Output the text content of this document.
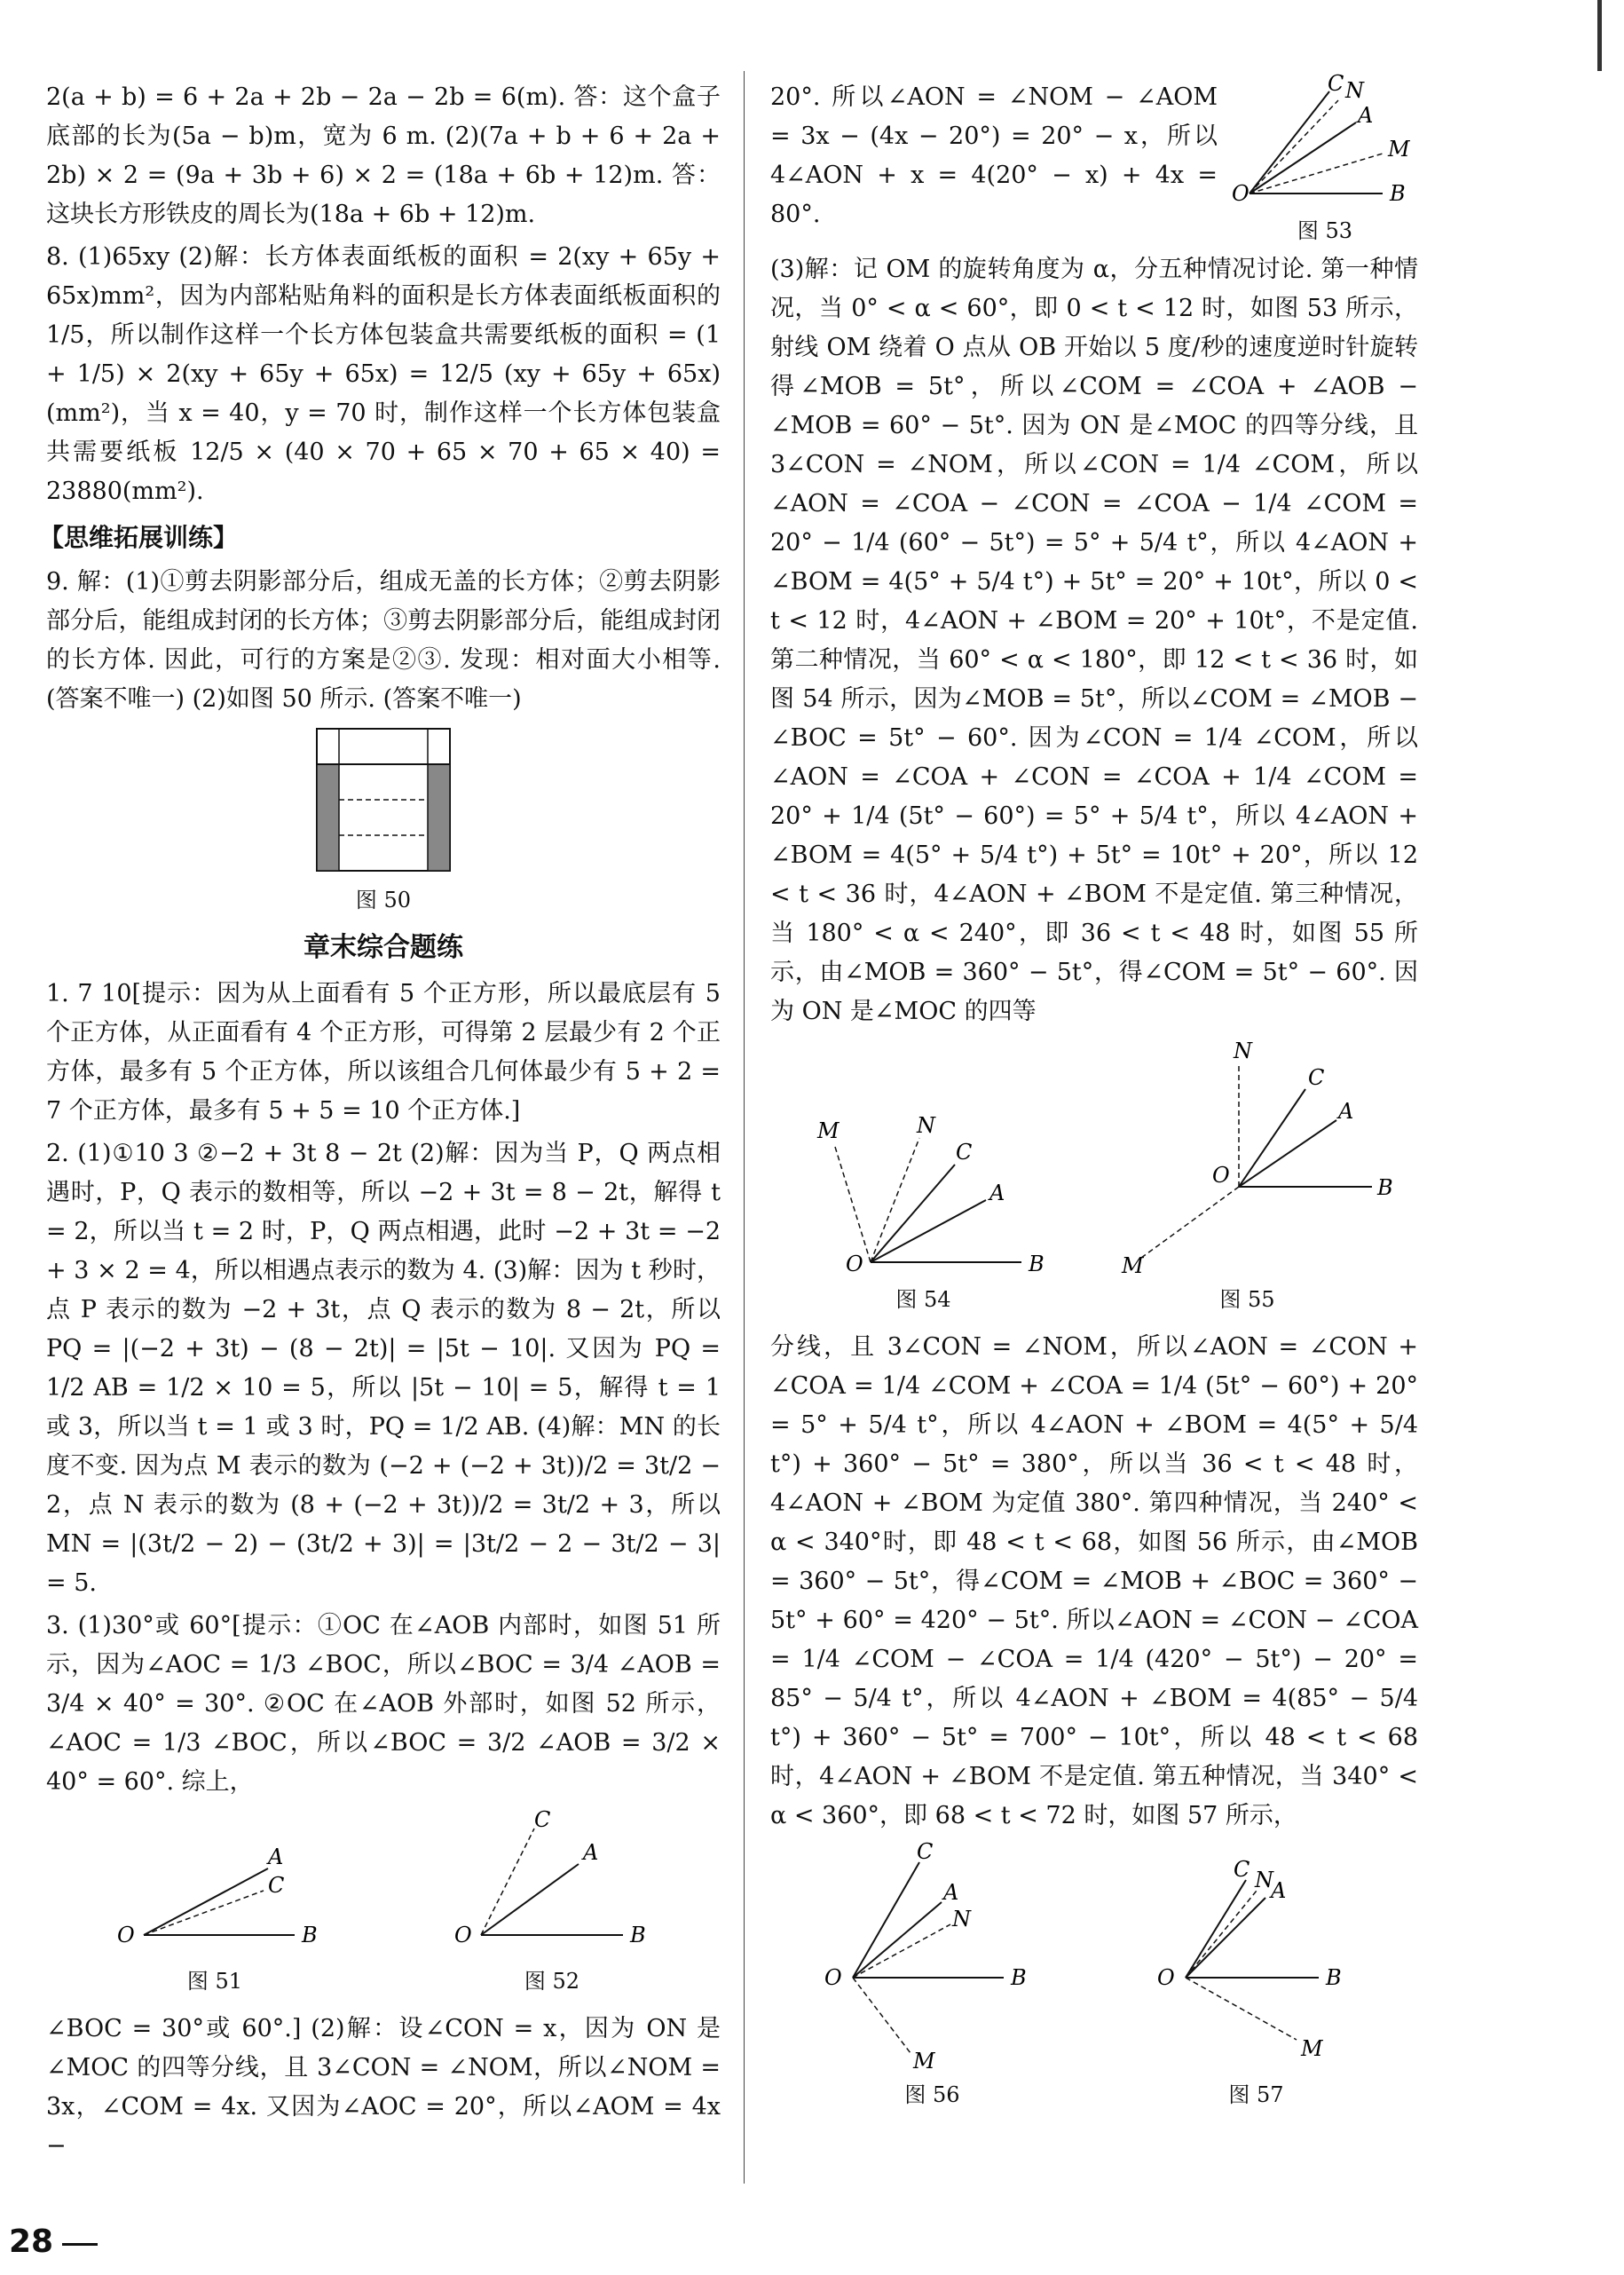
2(a + b) = 6 + 2a + 2b − 2a − 2b = 6(m). 答：这个盒子底部的长为(5a − b)m，宽为 6 m. (2)(7a + b + 6 + 2a + 2b) × 2 = (9a + 3b + 6) × 2 = (18a + 6b + 12)m. 答：这块长方形铁皮的周长为(18a + 6b + 12)m.

8. (1)65xy (2)解：长方体表面纸板的面积 = 2(xy + 65y + 65x)mm²，因为内部粘贴角料的面积是长方体表面纸板面积的 1/5，所以制作这样一个长方体包装盒共需要纸板的面积 = (1 + 1/5) × 2(xy + 65y + 65x) = 12/5 (xy + 65y + 65x)(mm²)，当 x = 40，y = 70 时，制作这样一个长方体包装盒共需要纸板 12/5 × (40 × 70 + 65 × 70 + 65 × 40) = 23880(mm²).

【思维拓展训练】

9. 解：(1)①剪去阴影部分后，组成无盖的长方体；②剪去阴影部分后，能组成封闭的长方体；③剪去阴影部分后，能组成封闭的长方体. 因此，可行的方案是②③. 发现：相对面大小相等. (答案不唯一) (2)如图 50 所示. (答案不唯一)

图 50

章末综合题练

1. 7 10[提示：因为从上面看有 5 个正方形，所以最底层有 5 个正方体，从正面看有 4 个正方形，可得第 2 层最少有 2 个正方体，最多有 5 个正方体，所以该组合几何体最少有 5 + 2 = 7 个正方体，最多有 5 + 5 = 10 个正方体.]

2. (1)①10 3 ②−2 + 3t 8 − 2t (2)解：因为当 P，Q 两点相遇时，P，Q 表示的数相等，所以 −2 + 3t = 8 − 2t，解得 t = 2，所以当 t = 2 时，P，Q 两点相遇，此时 −2 + 3t = −2 + 3 × 2 = 4，所以相遇点表示的数为 4. (3)解：因为 t 秒时，点 P 表示的数为 −2 + 3t，点 Q 表示的数为 8 − 2t，所以 PQ = |(−2 + 3t) − (8 − 2t)| = |5t − 10|. 又因为 PQ = 1/2 AB = 1/2 × 10 = 5，所以 |5t − 10| = 5，解得 t = 1 或 3，所以当 t = 1 或 3 时，PQ = 1/2 AB. (4)解：MN 的长度不变. 因为点 M 表示的数为 (−2 + (−2 + 3t))/2 = 3t/2 − 2，点 N 表示的数为 (8 + (−2 + 3t))/2 = 3t/2 + 3，所以 MN = |(3t/2 − 2) − (3t/2 + 3)| = |3t/2 − 2 − 3t/2 − 3| = 5.

3. (1)30°或 60°[提示：①OC 在∠AOB 内部时，如图 51 所示，因为∠AOC = 1/3 ∠BOC，所以∠BOC = 3/4 ∠AOB = 3/4 × 40° = 30°. ②OC 在∠AOB 外部时，如图 52 所示，∠AOC = 1/3 ∠BOC，所以∠BOC = 3/2 ∠AOB = 3/2 × 40° = 60°. 综上，

O	B
A
C

图 51

O	B
A
C

图 52

∠BOC = 30°或 60°.] (2)解：设∠CON = x，因为 ON 是∠MOC 的四等分线，且 3∠CON = ∠NOM，所以∠NOM = 3x，∠COM = 4x. 又因为∠AOC = 20°，所以∠AOM = 4x −

20°. 所以∠AON = ∠NOM − ∠AOM = 3x − (4x − 20°) = 20° − x，所以 4∠AON + x = 4(20° − x) + 4x = 80°.

O	B
C N
A
M

图 53

(3)解：记 OM 的旋转角度为 α，分五种情况讨论. 第一种情况，当 0° < α < 60°，即 0 < t < 12 时，如图 53 所示，射线 OM 绕着 O 点从 OB 开始以 5 度/秒的速度逆时针旋转得∠MOB = 5t°，所以∠COM = ∠COA + ∠AOB − ∠MOB = 60° − 5t°. 因为 ON 是∠MOC 的四等分线，且 3∠CON = ∠NOM，所以∠CON = 1/4 ∠COM，所以∠AON = ∠COA − ∠CON = ∠COA − 1/4 ∠COM = 20° − 1/4 (60° − 5t°) = 5° + 5/4 t°，所以 4∠AON + ∠BOM = 4(5° + 5/4 t°) + 5t° = 20° + 10t°，所以 0 < t < 12 时，4∠AON + ∠BOM = 20° + 10t°，不是定值. 第二种情况，当 60° < α < 180°，即 12 < t < 36 时，如图 54 所示，因为∠MOB = 5t°，所以∠COM = ∠MOB − ∠BOC = 5t° − 60°. 因为∠CON = 1/4 ∠COM，所以∠AON = ∠COA + ∠CON = ∠COA + 1/4 ∠COM = 20° + 1/4 (5t° − 60°) = 5° + 5/4 t°，所以 4∠AON + ∠BOM = 4(5° + 5/4 t°) + 5t° = 10t° + 20°，所以 12 < t < 36 时，4∠AON + ∠BOM 不是定值. 第三种情况，当 180° < α < 240°，即 36 < t < 48 时，如图 55 所示，由∠MOB = 360° − 5t°，得∠COM = 5t° − 60°. 因为 ON 是∠MOC 的四等

O	B
C
A
M	N

图 54

O	B
C
A
N
M

图 55

分线，且 3∠CON = ∠NOM，所以∠AON = ∠CON + ∠COA = 1/4 ∠COM + ∠COA = 1/4 (5t° − 60°) + 20° = 5° + 5/4 t°，所以 4∠AON + ∠BOM = 4(5° + 5/4 t°) + 360° − 5t° = 380°，所以当 36 < t < 48 时，4∠AON + ∠BOM 为定值 380°. 第四种情况，当 240° < α < 340°时，即 48 < t < 68，如图 56 所示，由∠MOB = 360° − 5t°，得∠COM = ∠MOB + ∠BOC = 360° − 5t° + 60° = 420° − 5t°. 所以∠AON = ∠CON − ∠COA = 1/4 ∠COM − ∠COA = 1/4 (420° − 5t°) − 20° = 85° − 5/4 t°，所以 4∠AON + ∠BOM = 4(85° − 5/4 t°) + 360° − 5t° = 700° − 10t°，所以 48 < t < 68 时，4∠AON + ∠BOM 不是定值. 第五种情况，当 340° < α < 360°，即 68 < t < 72 时，如图 57 所示，

O	B
C
A
N
M

图 56

O	B
C N
A
M

图 57

28
